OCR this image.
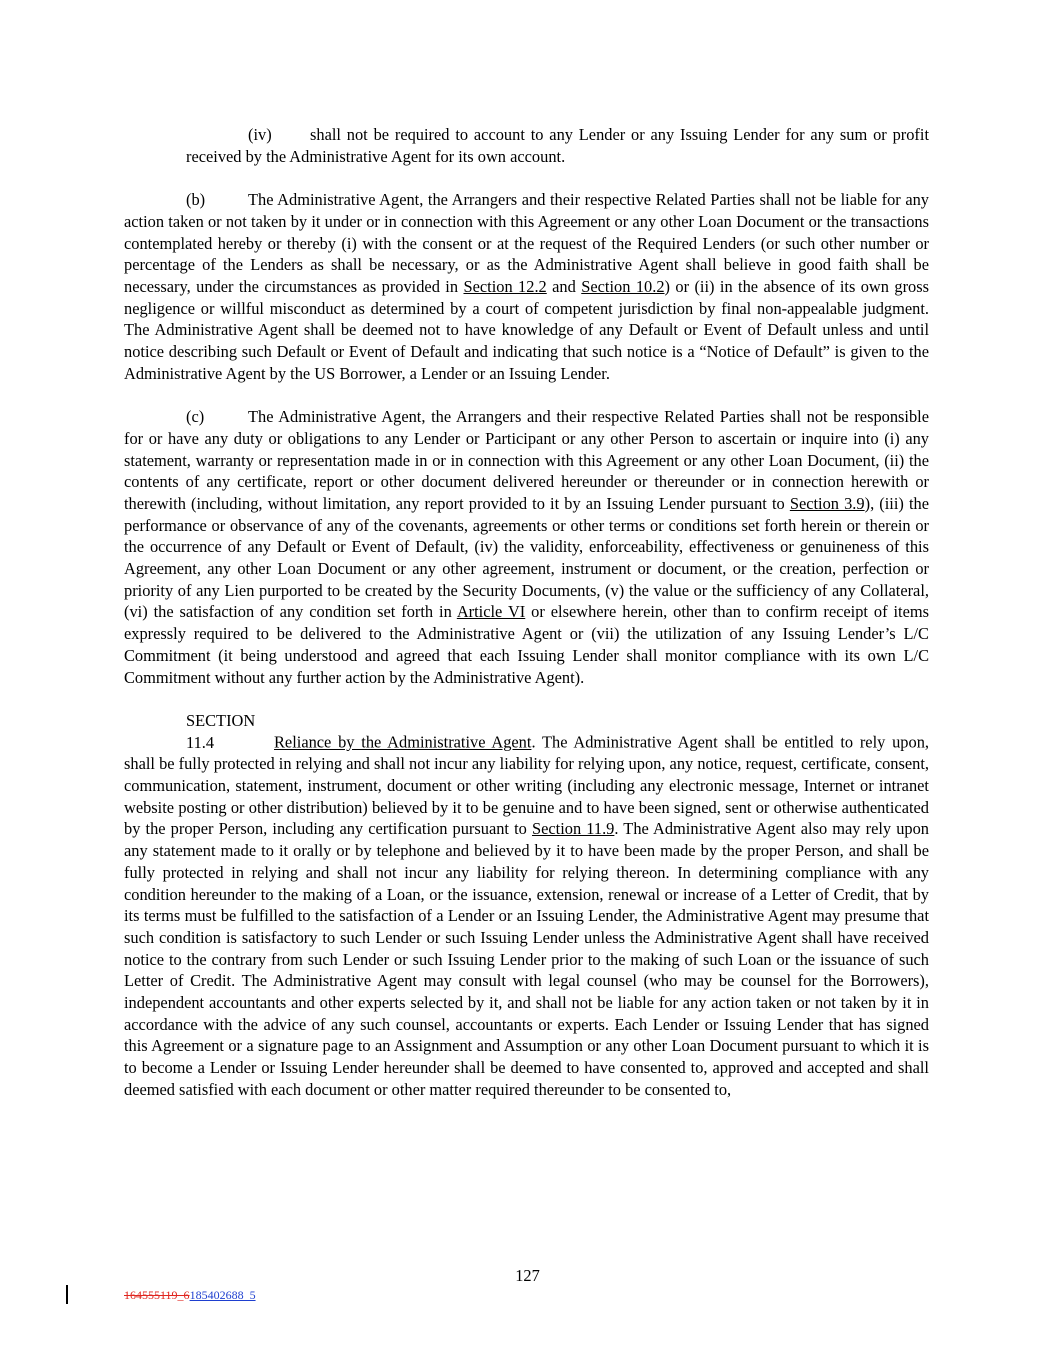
(iv) shall not be required to account to any Lender or any Issuing Lender for any sum or profit received by the Administrative Agent for its own account.

(b)	The Administrative Agent, the Arrangers and their respective Related Parties shall not be liable for any action taken or not taken by it under or in connection with this Agreement or any other Loan Document or the transactions contemplated hereby or thereby (i) with the consent or at the request of the Required Lenders (or such other number or percentage of the Lenders as shall be necessary, or as the Administrative Agent shall believe in good faith shall be necessary, under the circumstances as provided in Section 12.2 and Section 10.2) or (ii) in the absence of its own gross negligence or willful misconduct as determined by a court of competent jurisdiction by final non-appealable judgment. The Administrative Agent shall be deemed not to have knowledge of any Default or Event of Default unless and until notice describing such Default or Event of Default and indicating that such notice is a “Notice of Default” is given to the Administrative Agent by the US Borrower, a Lender or an Issuing Lender.

(c)	The Administrative Agent, the Arrangers and their respective Related Parties shall not be responsible for or have any duty or obligations to any Lender or Participant or any other Person to ascertain or inquire into (i) any statement, warranty or representation made in or in connection with this Agreement or any other Loan Document, (ii) the contents of any certificate, report or other document delivered hereunder or thereunder or in connection herewith or therewith (including, without limitation, any report provided to it by an Issuing Lender pursuant to Section 3.9), (iii) the performance or observance of any of the covenants, agreements or other terms or conditions set forth herein or therein or the occurrence of any Default or Event of Default, (iv) the validity, enforceability, effectiveness or genuineness of this Agreement, any other Loan Document or any other agreement, instrument or document, or the creation, perfection or priority of any Lien purported to be created by the Security Documents, (v) the value or the sufficiency of any Collateral, (vi) the satisfaction of any condition set forth in Article VI or elsewhere herein, other than to confirm receipt of items expressly required to be delivered to the Administrative Agent or (vii) the utilization of any Issuing Lender’s L/C Commitment (it being understood and agreed that each Issuing Lender shall monitor compliance with its own L/C Commitment without any further action by the Administrative Agent).

SECTION 11.4	Reliance by the Administrative Agent. The Administrative Agent shall be entitled to rely upon, shall be fully protected in relying and shall not incur any liability for relying upon, any notice, request, certificate, consent, communication, statement, instrument, document or other writing (including any electronic message, Internet or intranet website posting or other distribution) believed by it to be genuine and to have been signed, sent or otherwise authenticated by the proper Person, including any certification pursuant to Section 11.9. The Administrative Agent also may rely upon any statement made to it orally or by telephone and believed by it to have been made by the proper Person, and shall be fully protected in relying and shall not incur any liability for relying thereon. In determining compliance with any condition hereunder to the making of a Loan, or the issuance, extension, renewal or increase of a Letter of Credit, that by its terms must be fulfilled to the satisfaction of a Lender or an Issuing Lender, the Administrative Agent may presume that such condition is satisfactory to such Lender or such Issuing Lender unless the Administrative Agent shall have received notice to the contrary from such Lender or such Issuing Lender prior to the making of such Loan or the issuance of such Letter of Credit. The Administrative Agent may consult with legal counsel (who may be counsel for the Borrowers), independent accountants and other experts selected by it, and shall not be liable for any action taken or not taken by it in accordance with the advice of any such counsel, accountants or experts. Each Lender or Issuing Lender that has signed this Agreement or a signature page to an Assignment and Assumption or any other Loan Document pursuant to which it is to become a Lender or Issuing Lender hereunder shall be deemed to have consented to, approved and accepted and shall deemed satisfied with each document or other matter required thereunder to be consented to,

127
164555119_6185402688_5
